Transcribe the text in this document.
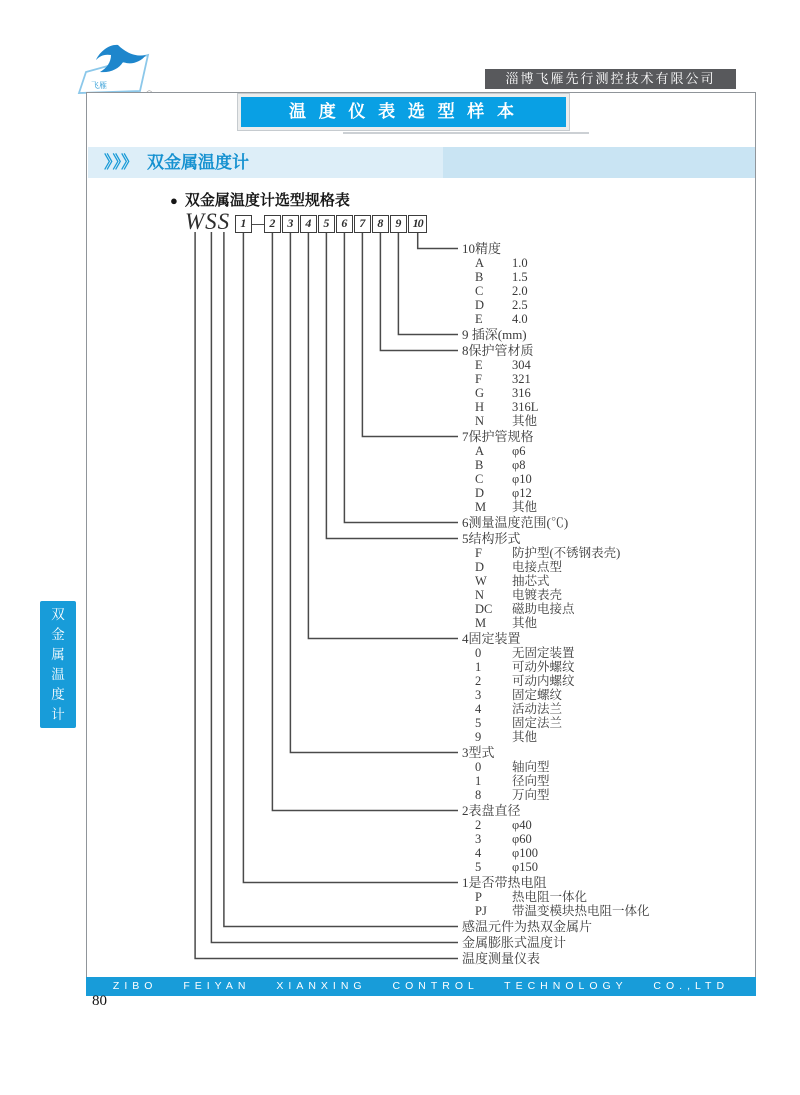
飞雁	淄博飞雁先行测控技术有限公司
温 度 仪 表 选 型 样 本
》》》 双金属温度计
● 双金属温度计选型规格表
W S S 1 — 2	3	4	5	6	7	8	9 10
10精度
A 1.0
B 1.5
C 2.0
D 2.5
E 4.0
9 插深(mm)
8保护管材质
E 304
F 321
G 316
H 316L
N 其他
7保护管规格
A φ6
B φ8
C φ10
D φ12
M 其他
6测量温度范围(℃)
5结构形式
F 防护型(不锈钢表壳)
D 电接点型
W 抽芯式
N 电镀表壳
DC 磁助电接点
M 其他
4固定装置
0 无固定装置
1 可动外螺纹
2 可动内螺纹
3 固定螺纹
4 活动法兰
5 固定法兰
9 其他
3型式
0 轴向型
1 径向型
8 万向型
2表盘直径
2 φ40
3 φ60
4 φ100
5 φ150
1是否带热电阻
P 热电阻一体化
PJ 带温变模块热电阻一体化
感温元件为热双金属片
金属膨胀式温度计
温度测量仪表
双金属温度计
ZIBO FEIYAN XIANXING CONTROL TECHNOLOGY CO.,LTD
80
